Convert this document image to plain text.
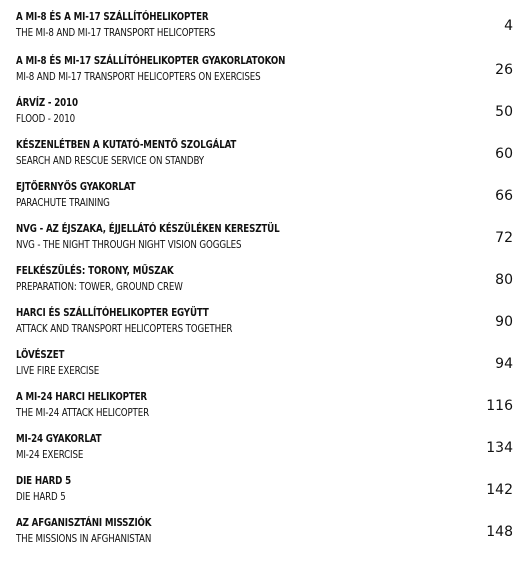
A MI-8 ÉS A MI-17 SZÁLLÍTÓHELIKOPTER
THE MI-8 AND MI-17 TRANSPORT HELICOPTERS	4
A MI-8 ÉS MI-17 SZÁLLÍTÓHELIKOPTER GYAKORLATOKON
MI-8 AND MI-17 TRANSPORT HELICOPTERS ON EXERCISES	26
ÁRVÍZ - 2010
FLOOD - 2010	50
KÉSZENLÉTBEN A KUTATÓ-MENTŐ SZOLGÁLAT
SEARCH AND RESCUE SERVICE ON STANDBY	60
EJTŐERNYŐS GYAKORLAT
PARACHUTE TRAINING	66
NVG - AZ ÉJSZAKA, ÉJJELLÁTÓ KÉSZÜLÉKEN KERESZTÜL
NVG - THE NIGHT THROUGH NIGHT VISION GOGGLES	72
FELKÉSZÜLÉS: TORONY, MŰSZAK
PREPARATION: TOWER, GROUND CREW	80
HARCI ÉS SZÁLLÍTÓHELIKOPTER EGYÜTT
ATTACK AND TRANSPORT HELICOPTERS TOGETHER	90
LÖVÉSZET
LIVE FIRE EXERCISE	94
A MI-24 HARCI HELIKOPTER
THE MI-24 ATTACK HELICOPTER	116
MI-24 GYAKORLAT
MI-24 EXERCISE	134
DIE HARD 5
DIE HARD 5	142
AZ AFGANISZTÁNI MISSZIÓK
THE MISSIONS IN AFGHANISTAN	148
